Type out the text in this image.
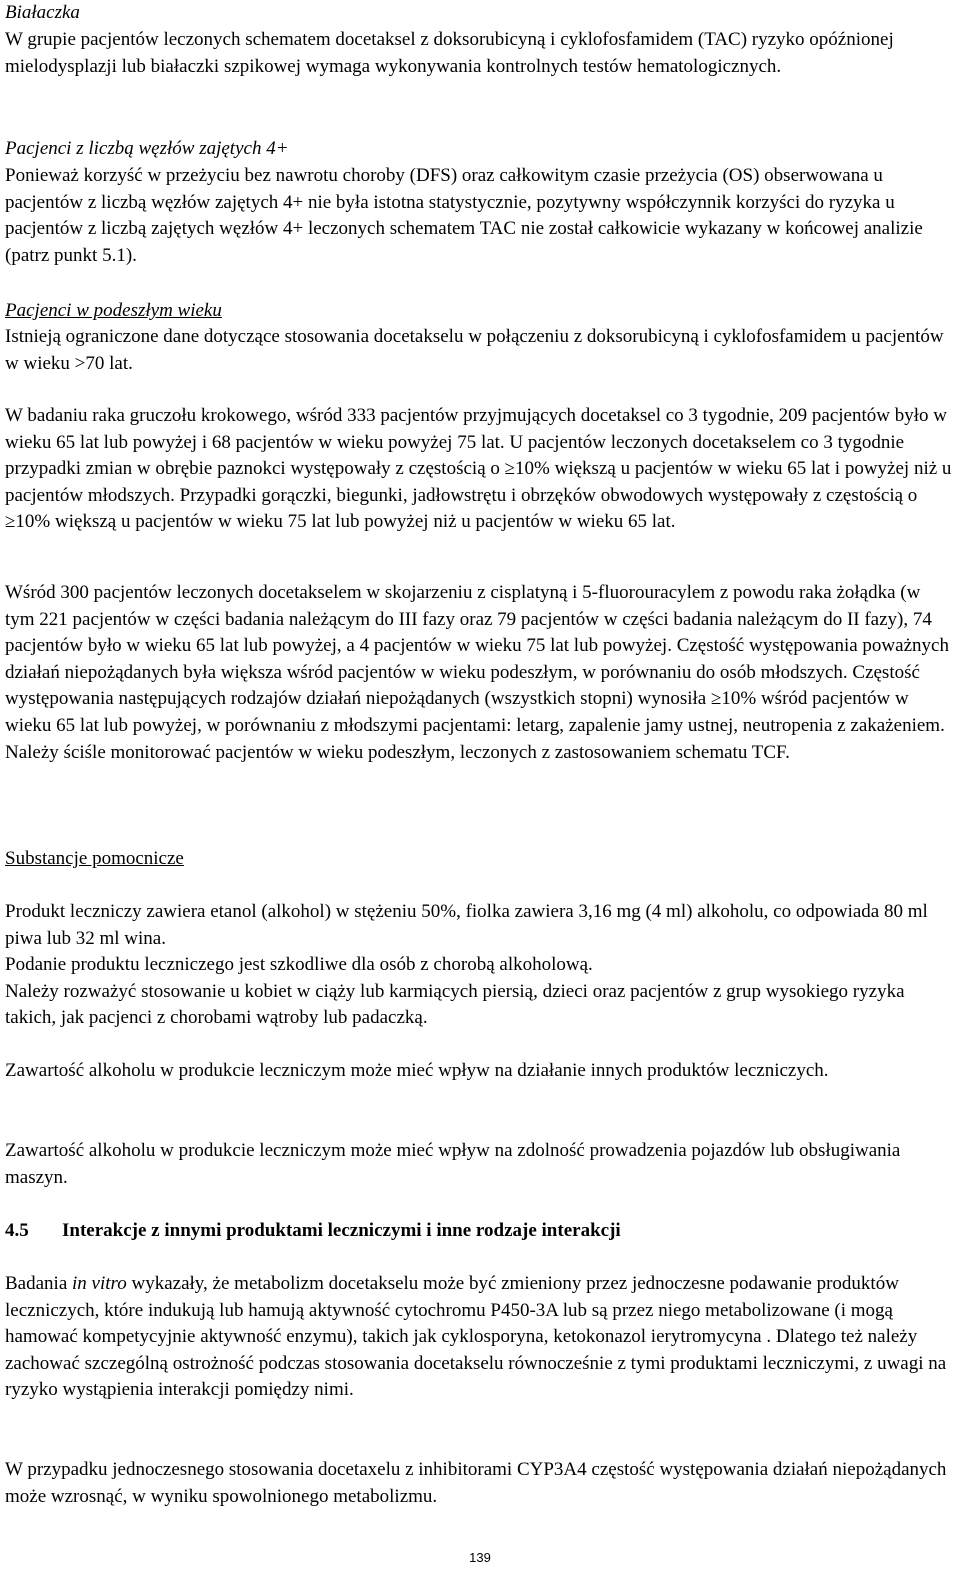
Białaczka

W grupie pacjentów leczonych schematem docetaksel z doksorubicyną i cyklofosfamidem (TAC) ryzyko opóźnionej mielodysplazji lub białaczki szpikowej wymaga wykonywania kontrolnych testów hematologicznych.

Pacjenci z liczbą węzłów zajętych 4+

Ponieważ korzyść w przeżyciu bez nawrotu choroby (DFS) oraz całkowitym czasie przeżycia (OS) obserwowana u pacjentów z liczbą węzłów zajętych 4+ nie była istotna statystycznie, pozytywny współczynnik korzyści do ryzyka u pacjentów z liczbą zajętych węzłów 4+ leczonych schematem TAC nie został całkowicie wykazany w końcowej analizie (patrz punkt 5.1).

Pacjenci w podeszłym wieku

Istnieją ograniczone dane dotyczące stosowania docetakselu w połączeniu z doksorubicyną i cyklofosfamidem u pacjentów w wieku >70 lat.

W badaniu raka gruczołu krokowego, wśród 333 pacjentów przyjmujących docetaksel co 3 tygodnie, 209 pacjentów było w wieku 65 lat lub powyżej i 68 pacjentów w wieku powyżej 75 lat. U pacjentów leczonych docetakselem co 3 tygodnie przypadki zmian w obrębie paznokci występowały z częstością o ≥10% większą u pacjentów w wieku 65 lat i powyżej niż u pacjentów młodszych. Przypadki gorączki, biegunki, jadłowstrętu i obrzęków obwodowych występowały z częstością o ≥10% większą u pacjentów w wieku 75 lat lub powyżej niż u pacjentów w wieku 65 lat.

Wśród 300 pacjentów leczonych docetakselem w skojarzeniu z cisplatyną i 5-fluorouracylem z powodu raka żołądka (w tym 221 pacjentów w części badania należącym do III fazy oraz 79 pacjentów w części badania należącym do II fazy), 74 pacjentów było w wieku 65 lat lub powyżej, a 4 pacjentów w wieku 75 lat lub powyżej. Częstość występowania poważnych działań niepożądanych była większa wśród pacjentów w wieku podeszłym, w porównaniu do osób młodszych. Częstość występowania następujących rodzajów działań niepożądanych (wszystkich stopni) wynosiła ≥10% wśród pacjentów w wieku 65 lat lub powyżej, w porównaniu z młodszymi pacjentami: letarg, zapalenie jamy ustnej, neutropenia z zakażeniem. Należy ściśle monitorować pacjentów w wieku podeszłym, leczonych z zastosowaniem schematu TCF.

Substancje pomocnicze

Produkt leczniczy zawiera etanol (alkohol) w stężeniu 50%, fiolka zawiera 3,16 mg (4 ml) alkoholu, co odpowiada 80 ml piwa lub 32 ml wina.

Podanie produktu leczniczego jest szkodliwe dla osób z chorobą alkoholową.

Należy rozważyć stosowanie u kobiet w ciąży lub karmiących piersią, dzieci oraz pacjentów z grup wysokiego ryzyka takich, jak pacjenci z chorobami wątroby lub padaczką.

Zawartość alkoholu w produkcie leczniczym może mieć wpływ na działanie innych produktów leczniczych.

Zawartość alkoholu w produkcie leczniczym może mieć wpływ na zdolność prowadzenia pojazdów lub obsługiwania maszyn.

4.5 Interakcje z innymi produktami leczniczymi i inne rodzaje interakcji

Badania in vitro wykazały, że metabolizm docetakselu może być zmieniony przez jednoczesne podawanie produktów leczniczych, które indukują lub hamują aktywność cytochromu P450-3A lub są przez niego metabolizowane (i mogą hamować kompetycyjnie aktywność enzymu), takich jak cyklosporyna, ketokonazol ierytromycyna . Dlatego też należy zachować szczególną ostrożność podczas stosowania docetakselu równocześnie z tymi produktami leczniczymi, z uwagi na ryzyko wystąpienia interakcji pomiędzy nimi.

W przypadku jednoczesnego stosowania docetaxelu z inhibitorami CYP3A4 częstość występowania działań niepożądanych może wzrosnąć, w wyniku spowolnionego metabolizmu.

139
